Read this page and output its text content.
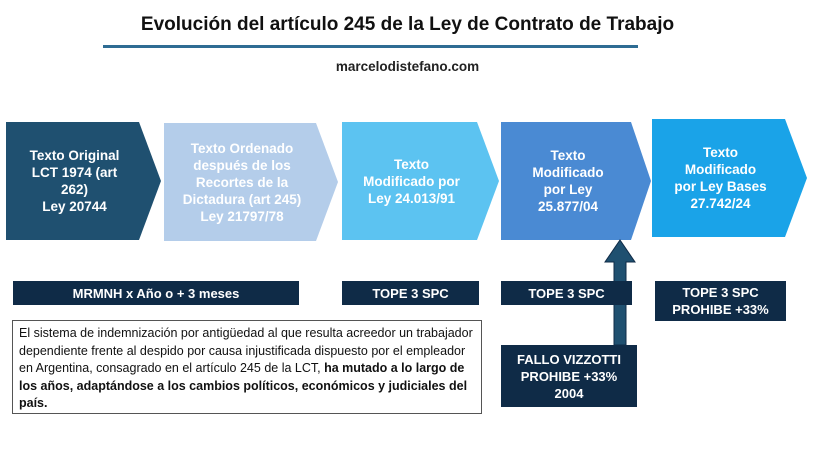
Evolución del artículo 245 de la Ley de Contrato de Trabajo
marcelodistefano.com
Texto Original
LCT 1974 (art
262)
Ley 20744
Texto Ordenado
después de los
Recortes de la
Dictadura (art 245)
Ley 21797/78
Texto
Modificado por
Ley 24.013/91
Texto
Modificado
por Ley
25.877/04
Texto
Modificado
por Ley Bases
27.742/24
MRMNH x Año o + 3 meses	TOPE 3 SPC	TOPE 3 SPC	TOPE 3 SPC
PROHIBE +33%
FALLO VIZZOTTI
PROHIBE +33%
2004
El sistema de indemnización por antigüedad al que resulta acreedor un trabajador dependiente frente al despido por causa injustificada dispuesto por el empleador en Argentina, consagrado en el artículo 245 de la LCT, ha mutado a lo largo de los años, adaptándose a los cambios políticos, económicos y judiciales del país.
